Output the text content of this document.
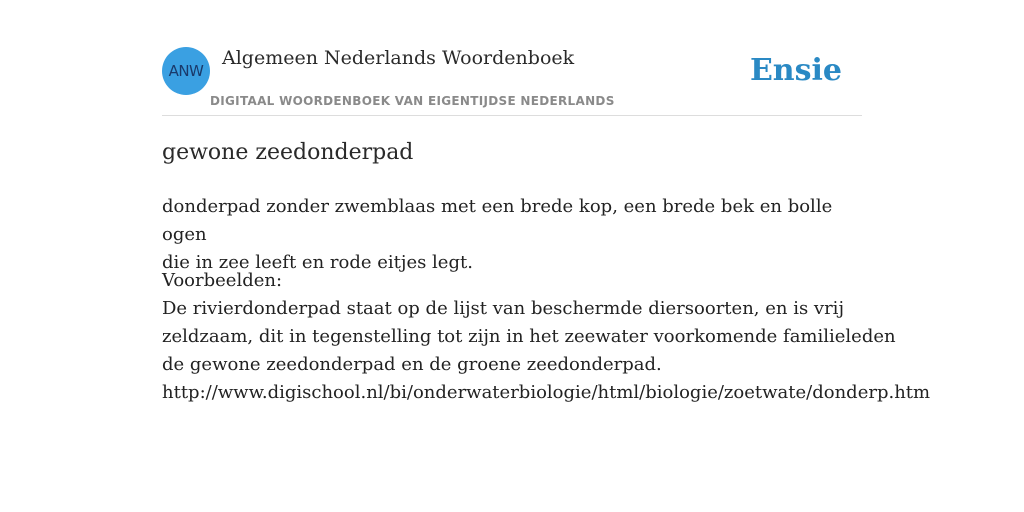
ANW
Algemeen Nederlands Woordenboek
DIGITAAL WOORDENBOEK VAN EIGENTIJDSE NEDERLANDS
Ensie
gewone zeedonderpad
donderpad zonder zwemblaas met een brede kop, een brede bek en bolle ogen
die in zee leeft en rode eitjes legt.
Voorbeelden:
De rivierdonderpad staat op de lijst van beschermde diersoorten, en is vrij
zeldzaam, dit in tegenstelling tot zijn in het zeewater voorkomende familieleden
de gewone zeedonderpad en de groene zeedonderpad.
http://www.digischool.nl/bi/onderwaterbiologie/html/biologie/zoetwate/donderp.htm
